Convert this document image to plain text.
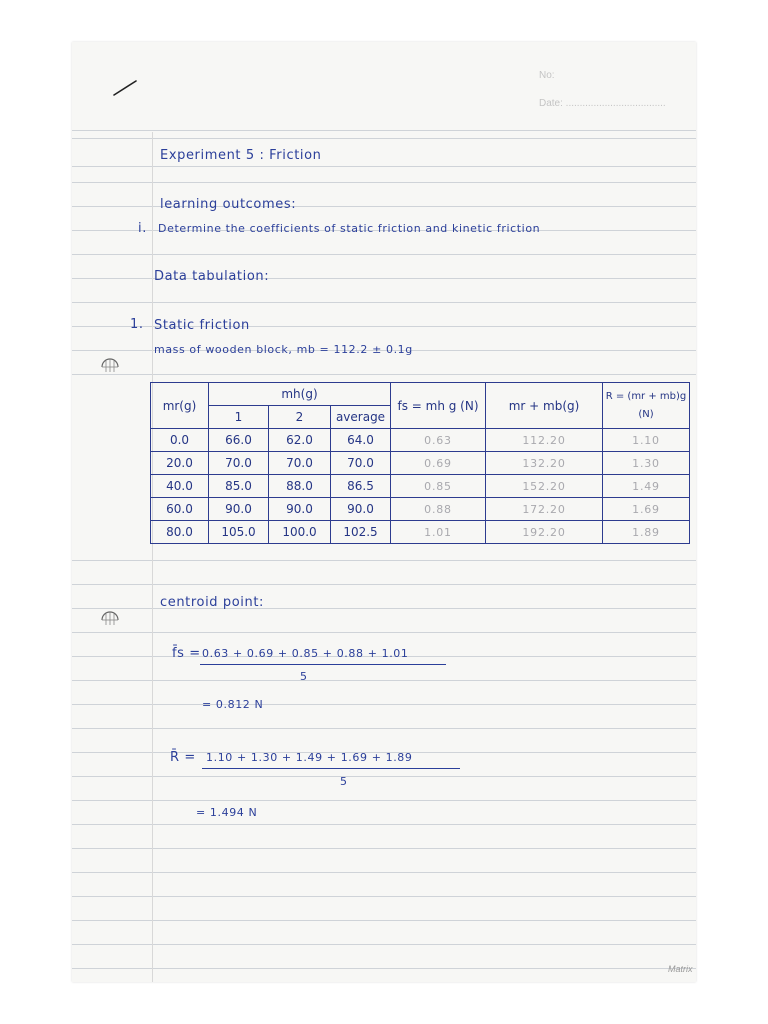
No:
Date: ....................................
Experiment 5 : Friction
learning outcomes:
i. Determine the coefficients of static friction and kinetic friction
Data tabulation:
1. Static friction
mass of wooden block, mb = 112.2 ± 0.1g
mr(g)	mh(g)			fs = mh g (N)	mr + mb(g)	R = (mr + mb)g
(N)

	1	2	average			
0.0	66.0	62.0	64.0	0.63	112.20	1.10
20.0	70.0	70.0	70.0	0.69	132.20	1.30
40.0	85.0	88.0	86.5	0.85	152.20	1.49
60.0	90.0	90.0	90.0	0.88	172.20	1.69
80.0	105.0	100.0	102.5	1.01	192.20	1.89
centroid point:
f̄s = 0.63 + 0.69 + 0.85 + 0.88 + 1.01
5
= 0.812 N
R̄ = 1.10 + 1.30 + 1.49 + 1.69 + 1.89
5
= 1.494 N
Matrix
